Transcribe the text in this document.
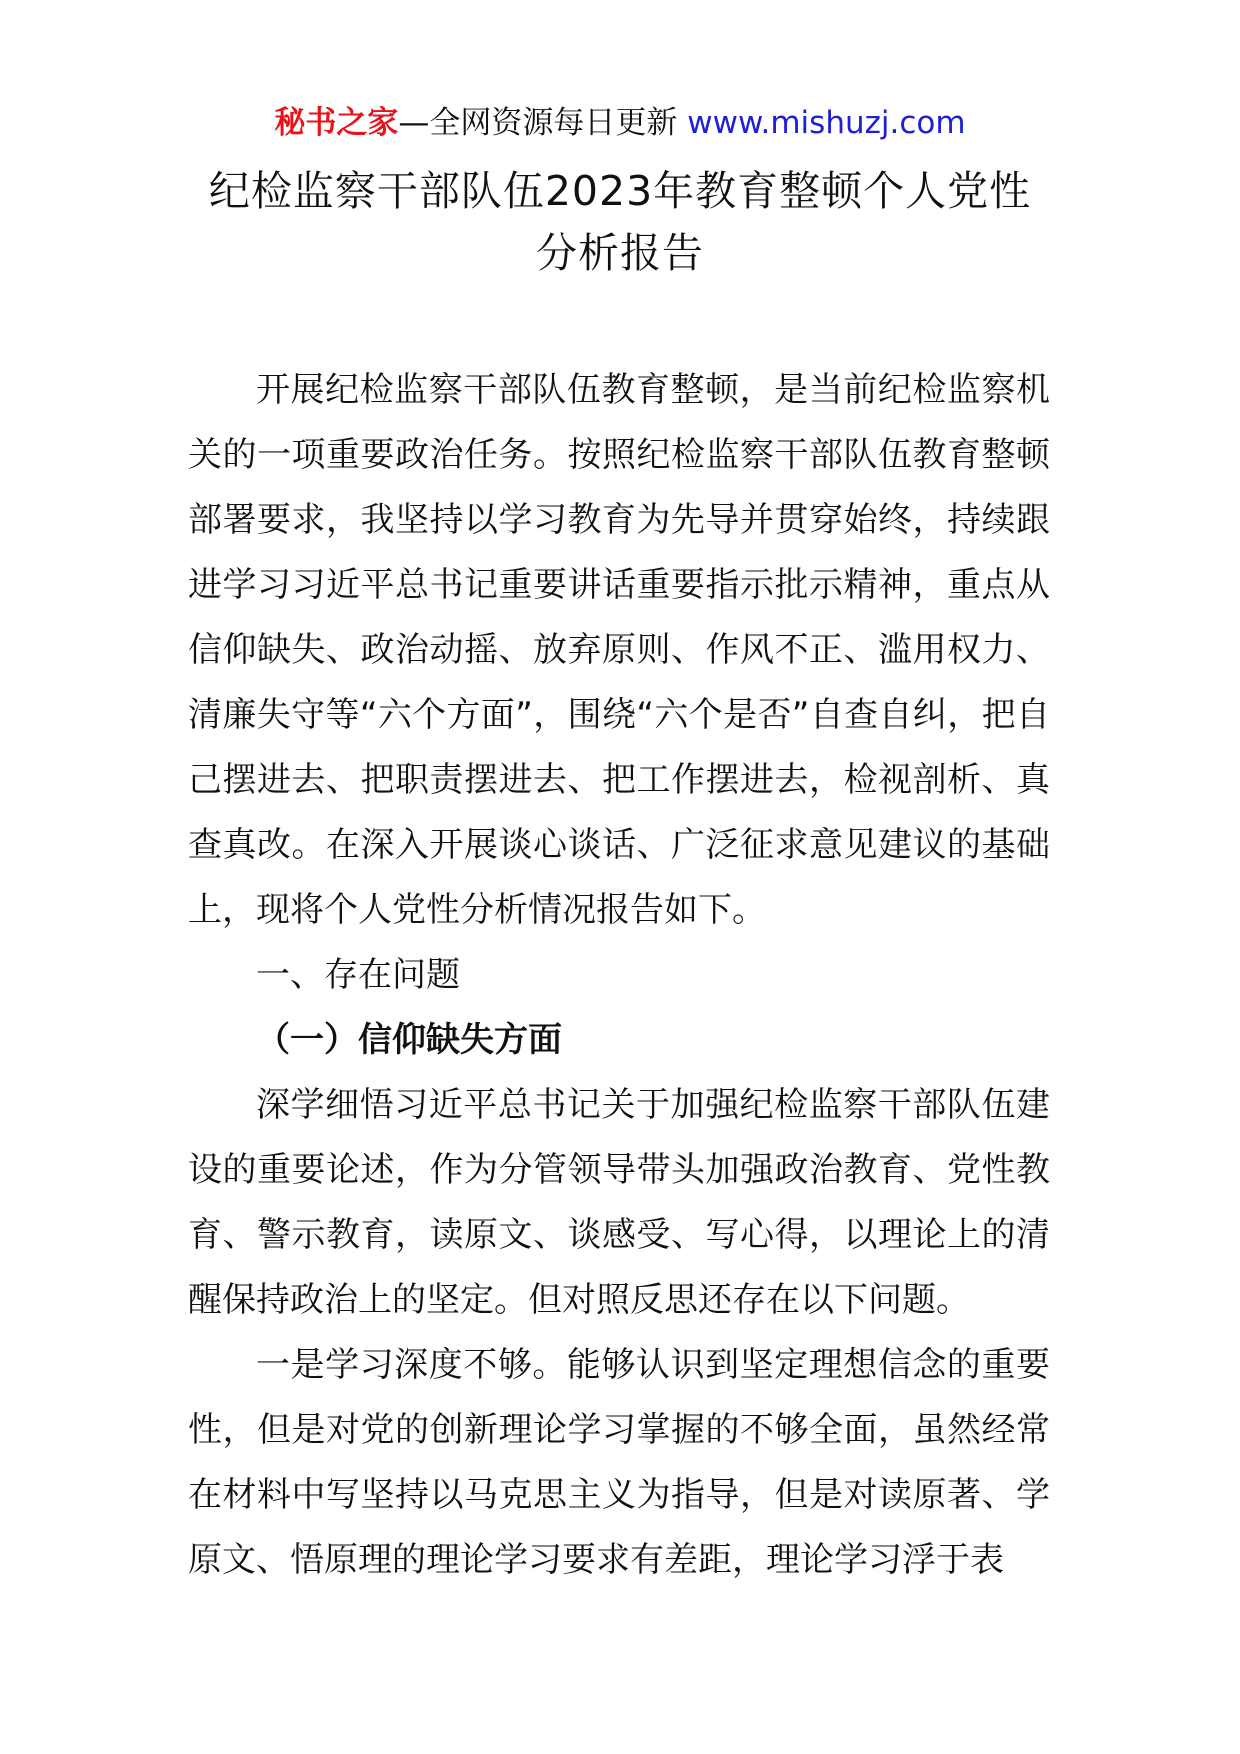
秘书之家—全网资源每日更新 www.mishuzj.com
纪检监察干部队伍2023年教育整顿个人党性
分析报告

开展纪检监察干部队伍教育整顿，是当前纪检监察机关的一项重要政治任务。按照纪检监察干部队伍教育整顿部署要求，我坚持以学习教育为先导并贯穿始终，持续跟进学习习近平总书记重要讲话重要指示批示精神，重点从信仰缺失、政治动摇、放弃原则、作风不正、滥用权力、清廉失守等“六个方面”，围绕“六个是否”自查自纠，把自己摆进去、把职责摆进去、把工作摆进去，检视剖析、真查真改。在深入开展谈心谈话、广泛征求意见建议的基础上，现将个人党性分析情况报告如下。

一、存在问题

（一）信仰缺失方面

深学细悟习近平总书记关于加强纪检监察干部队伍建设的重要论述，作为分管领导带头加强政治教育、党性教育、警示教育，读原文、谈感受、写心得，以理论上的清醒保持政治上的坚定。但对照反思还存在以下问题。

一是学习深度不够。能够认识到坚定理想信念的重要性，但是对党的创新理论学习掌握的不够全面，虽然经常在材料中写坚持以马克思主义为指导，但是对读原著、学原文、悟原理的理论学习要求有差距，理论学习浮于表
